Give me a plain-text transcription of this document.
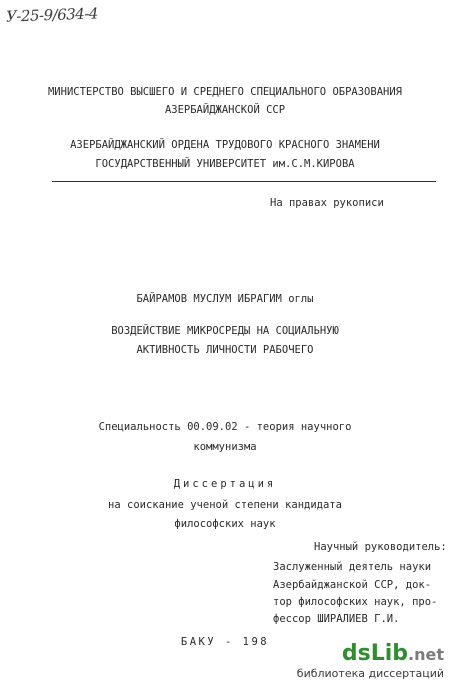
У-25-9/634-4
МИНИСТЕРСТВО ВЫСШЕГО И СРЕДНЕГО СПЕЦИАЛЬНОГО ОБРАЗОВАНИЯ
АЗЕРБАЙДЖАНСКОЙ ССР
АЗЕРБАЙДЖАНСКИЙ ОРДЕНА ТРУДОВОГО КРАСНОГО ЗНАМЕНИ
ГОСУДАРСТВЕННЫЙ УНИВЕРСИТЕТ им.С.М.КИРОВА
На правах рукописи
БАЙРАМОВ МУСЛУМ ИБРАГИМ оглы
ВОЗДЕЙСТВИЕ МИКРОСРЕДЫ НА СОЦИАЛЬНУЮ
АКТИВНОСТЬ ЛИЧНОСТИ РАБОЧЕГО
Специальность 00.09.02 - теория научного
коммунизма
Диссертация
на соискание ученой степени кандидата
философских наук
Научный руководитель:
Заслуженный деятель науки
Азербайджанской ССР, док-
тор философских наук, про-
фессор ШИРАЛИЕВ Г.И.
БАКУ - 198	dsLib.net
библиотека диссертаций
